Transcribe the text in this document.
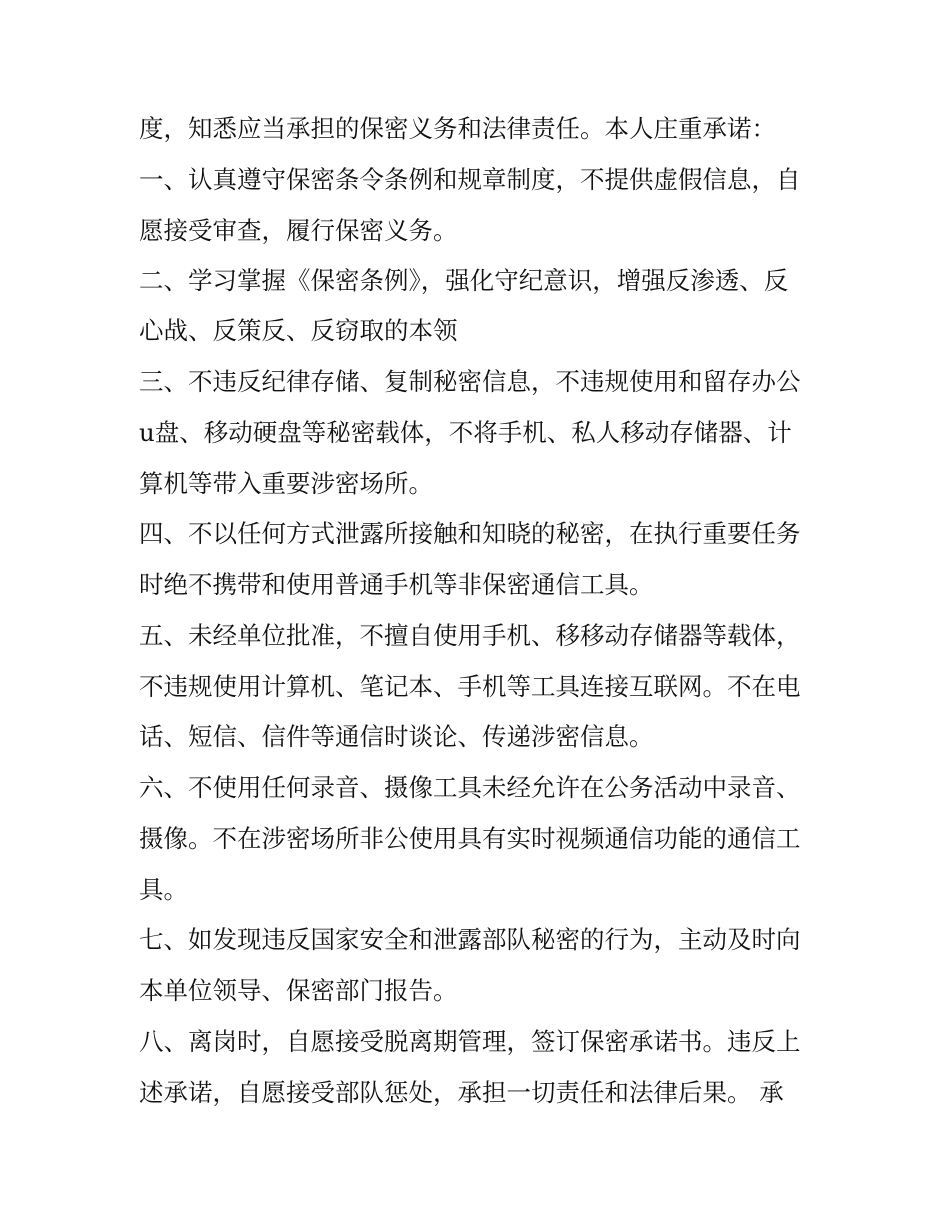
度，知悉应当承担的保密义务和法律责任。本人庄重承诺：
一、认真遵守保密条令条例和规章制度，不提供虚假信息，自
愿接受审查，履行保密义务。
二、学习掌握《保密条例》，强化守纪意识，增强反渗透、反
心战、反策反、反窃取的本领
三、不违反纪律存储、复制秘密信息，不违规使用和留存办公
u盘、移动硬盘等秘密载体，不将手机、私人移动存储器、计
算机等带入重要涉密场所。
四、不以任何方式泄露所接触和知晓的秘密，在执行重要任务
时绝不携带和使用普通手机等非保密通信工具。
五、未经单位批准，不擅自使用手机、移移动存储器等载体，
不违规使用计算机、笔记本、手机等工具连接互联网。不在电
话、短信、信件等通信时谈论、传递涉密信息。
六、不使用任何录音、摄像工具未经允许在公务活动中录音、
摄像。不在涉密场所非公使用具有实时视频通信功能的通信工
具。
七、如发现违反国家安全和泄露部队秘密的行为，主动及时向
本单位领导、保密部门报告。
八、离岗时，自愿接受脱离期管理，签订保密承诺书。违反上
述承诺，自愿接受部队惩处，承担一切责任和法律后果。 承
